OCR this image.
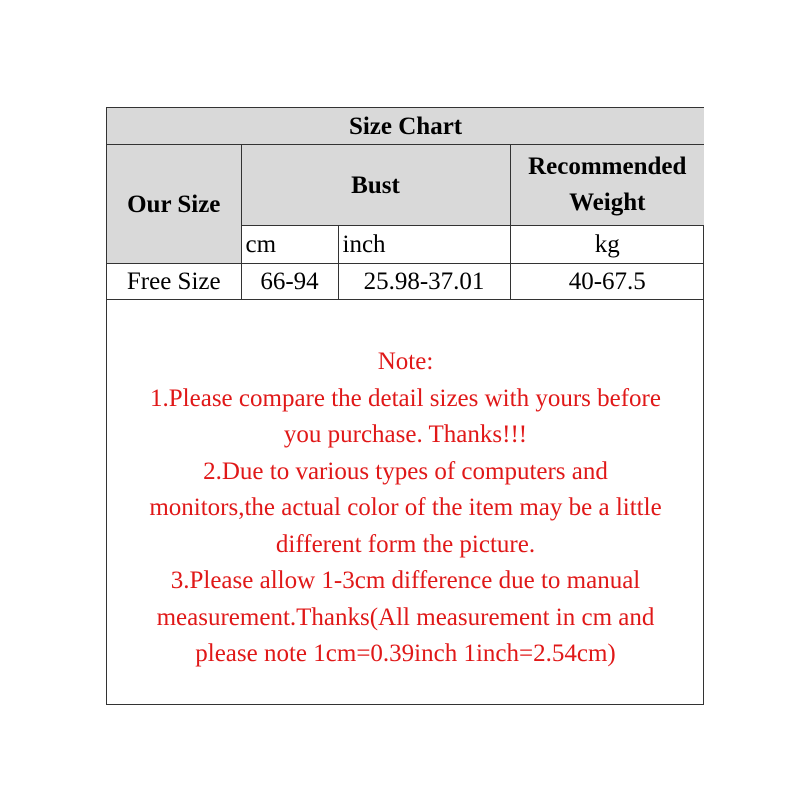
Size Chart			
Our Size	Bust		Recommended
Weight
	cm	inch	kg
Free Size	66-94	25.98-37.01	40-67.5
Note:
1.Please compare the detail sizes with yours before
you purchase. Thanks!!!
2.Due to various types of computers and
monitors,the actual color of the item may be a little
different form the picture.
3.Please allow 1-3cm difference due to manual
measurement.Thanks(All measurement in cm and
please note 1cm=0.39inch 1inch=2.54cm)
